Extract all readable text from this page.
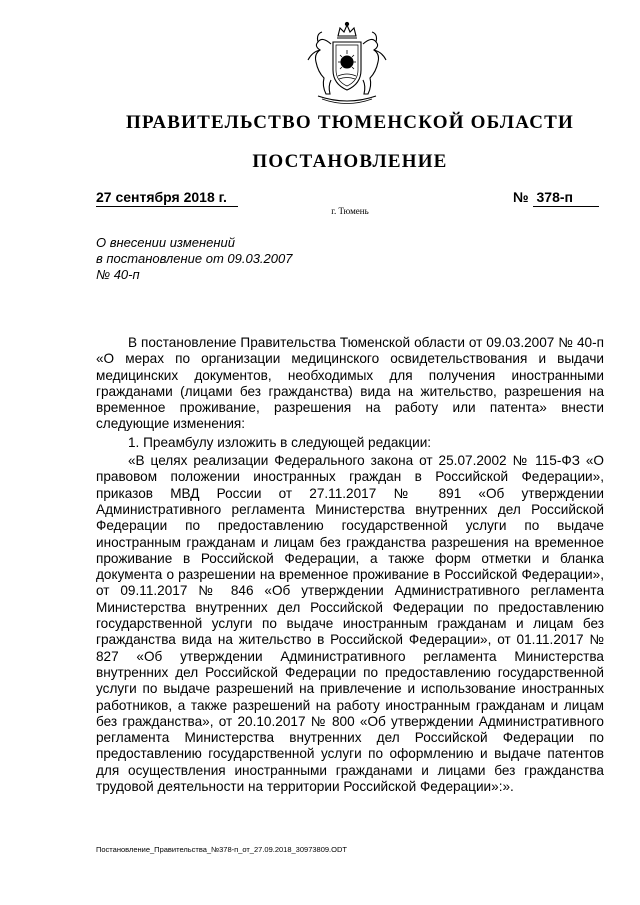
ПРАВИТЕЛЬСТВО ТЮМЕНСКОЙ ОБЛАСТИ
ПОСТАНОВЛЕНИЕ
27 сентября 2018 г.	№ 378-п
г. Тюмень
О внесении изменений
в постановление от 09.03.2007
№ 40-п

В постановление Правительства Тюменской области от 09.03.2007 № 40-п «О мерах по организации медицинского освидетельствования и выдачи медицинских документов, необходимых для получения иностранными гражданами (лицами без гражданства) вида на жительство, разрешения на временное проживание, разрешения на работу или патента» внести следующие изменения:

1. Преамбулу изложить в следующей редакции:

«В целях реализации Федерального закона от 25.07.2002 № 115-ФЗ «О правовом положении иностранных граждан в Российской Федерации», приказов МВД России от 27.11.2017 № 891 «Об утверждении Административного регламента Министерства внутренних дел Российской Федерации по предоставлению государственной услуги по выдаче иностранным гражданам и лицам без гражданства разрешения на временное проживание в Российской Федерации, а также форм отметки и бланка документа о разрешении на временное проживание в Российской Федерации», от 09.11.2017 № 846 «Об утверждении Административного регламента Министерства внутренних дел Российской Федерации по предоставлению государственной услуги по выдаче иностранным гражданам и лицам без гражданства вида на жительство в Российской Федерации», от 01.11.2017 № 827 «Об утверждении Административного регламента Министерства внутренних дел Российской Федерации по предоставлению государственной услуги по выдаче разрешений на привлечение и использование иностранных работников, а также разрешений на работу иностранным гражданам и лицам без гражданства», от 20.10.2017 № 800 «Об утверждении Административного регламента Министерства внутренних дел Российской Федерации по предоставлению государственной услуги по оформлению и выдаче патентов для осуществления иностранными гражданами и лицами без гражданства трудовой деятельности на территории Российской Федерации»:».

Постановление_Правительства_№378-п_от_27.09.2018_30973809.ODT
